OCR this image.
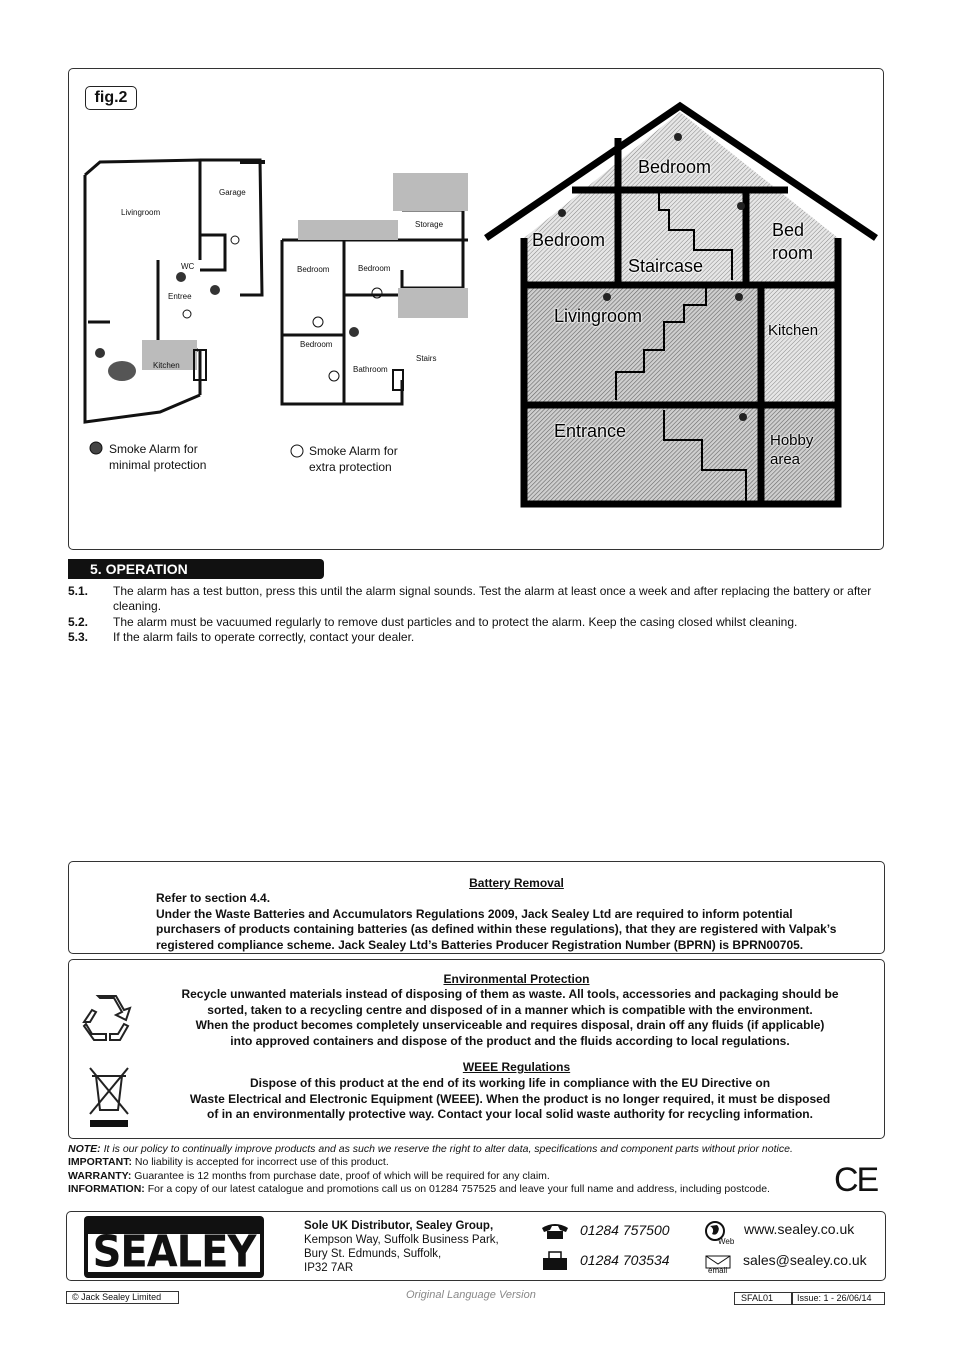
fig.2
Livingroom
Garage
WC
Entree
Kitchen
Storage
Bedroom	Bedroom
Bedroom
Stairs
Bathroom
Smoke Alarm for
minimal protection
Smoke Alarm for
extra protection
Bedroom
Bedroom
Staircase
Bed
room
Livingroom
Kitchen
Entrance	Hobby
area
5. OPERATION
5.1.	The alarm has a test button, press this until the alarm signal sounds. Test the alarm at least once a week and after replacing the battery or after cleaning.
5.2.	The alarm must be vacuumed regularly to remove dust particles and to protect the alarm. Keep the casing closed whilst cleaning.
5.3.	If the alarm fails to operate correctly, contact your dealer.
Battery Removal
Refer to section 4.4.
Under the Waste Batteries and Accumulators Regulations 2009, Jack Sealey Ltd are required to inform potential
purchasers of products containing batteries (as defined within these regulations), that they are registered with Valpak’s
registered compliance scheme. Jack Sealey Ltd’s Batteries Producer Registration Number (BPRN) is BPRN00705.
Environmental Protection
Recycle unwanted materials instead of disposing of them as waste. All tools, accessories and packaging should be
sorted, taken to a recycling centre and disposed of in a manner which is compatible with the environment.
When the product becomes completely unserviceable and requires disposal, drain off any fluids (if applicable)
into approved containers and dispose of the product and the fluids according to local regulations.
WEEE Regulations
Dispose of this product at the end of its working life in compliance with the EU Directive on
Waste Electrical and Electronic Equipment (WEEE). When the product is no longer required, it must be disposed
of in an environmentally protective way. Contact your local solid waste authority for recycling information.
NOTE: It is our policy to continually improve products and as such we reserve the right to alter data, specifications and component parts without prior notice.
IMPORTANT: No liability is accepted for incorrect use of this product.
WARRANTY: Guarantee is 12 months from purchase date, proof of which will be required for any claim.
INFORMATION: For a copy of our latest catalogue and promotions call us on 01284 757525 and leave your full name and address, including postcode. CE
SEALEY
Sole UK Distributor, Sealey Group,
Kempson Way, Suffolk Business Park,
Bury St. Edmunds, Suffolk,
IP32 7AR
01284 757500
01284 703534
Web
www.sealey.co.uk
email
sales@sealey.co.uk
© Jack Sealey Limited	Original Language Version	SFAL01	Issue: 1 - 26/06/14
